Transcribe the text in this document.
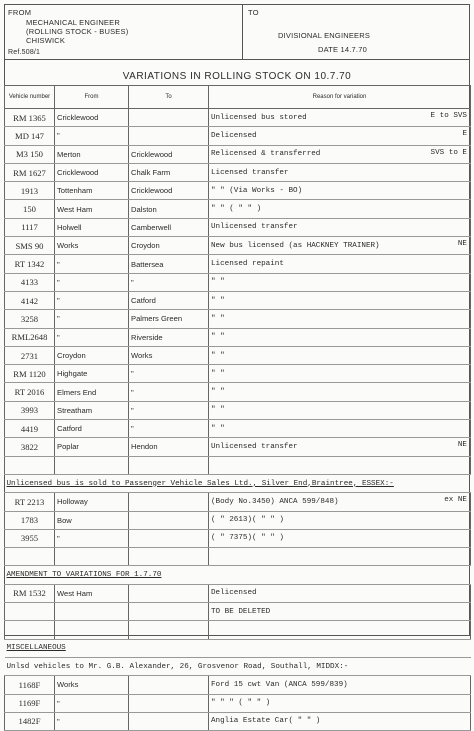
FROM
MECHANICAL ENGINEER
(ROLLING STOCK - BUSES)
CHISWICK
Ref.508/1
TO
DIVISIONAL ENGINEERS
DATE 14.7.70
VARIATIONS IN ROLLING STOCK ON 10.7.70
Vehicle number	From	To	Reason for variation
RM 1365	Cricklewood		Unlicensed bus stored E to SVS

MD 147	"		Delicensed E

M3 150	Merton	Cricklewood	Relicensed & transferred SVS to E

RM 1627	Cricklewood	Chalk Farm	Licensed transfer

1913	Tottenham	Cricklewood	" " (Via Works - BO)

150	West Ham	Dalston	" " ( " " )

1117	Holwell	Camberwell	Unlicensed transfer

SMS 90	Works	Croydon	New bus licensed (as HACKNEY TRAINER) NE

RT 1342	"	Battersea	Licensed repaint

4133	"	"	" "

4142	"	Catford	" "

3258	"	Palmers Green	" "

RML2648	"	Riverside	" "

2731	Croydon	Works	" "

RM 1120	Highgate	"	" "

RT 2016	Elmers End	"	" "

3993	Streatham	"	" "

4419	Catford	"	" "

3822	Poplar	Hendon	Unlicensed transfer NE

Unlicensed bus is sold to Passenger Vehicle Sales Ltd., Silver End,Braintree, ESSEX:-			
RT 2213	Holloway		(Body No.3450) ANCA 599/848) ex NE

1783	Bow		( " 2613)( " " )

3955	"		( " 7375)( " " )

AMENDMENT TO VARIATIONS FOR 1.7.70			
RM 1532	West Ham		Delicensed

			TO BE DELETED

MISCELLANEOUS			
Unlsd vehicles to Mr. G.B. Alexander, 26, Grosvenor Road, Southall, MIDDX:-			
1168F	Works		Ford 15 cwt Van (ANCA 599/839)

1169F	"		" " " ( " " )

1482F	"		Anglia Estate Car( " " )
